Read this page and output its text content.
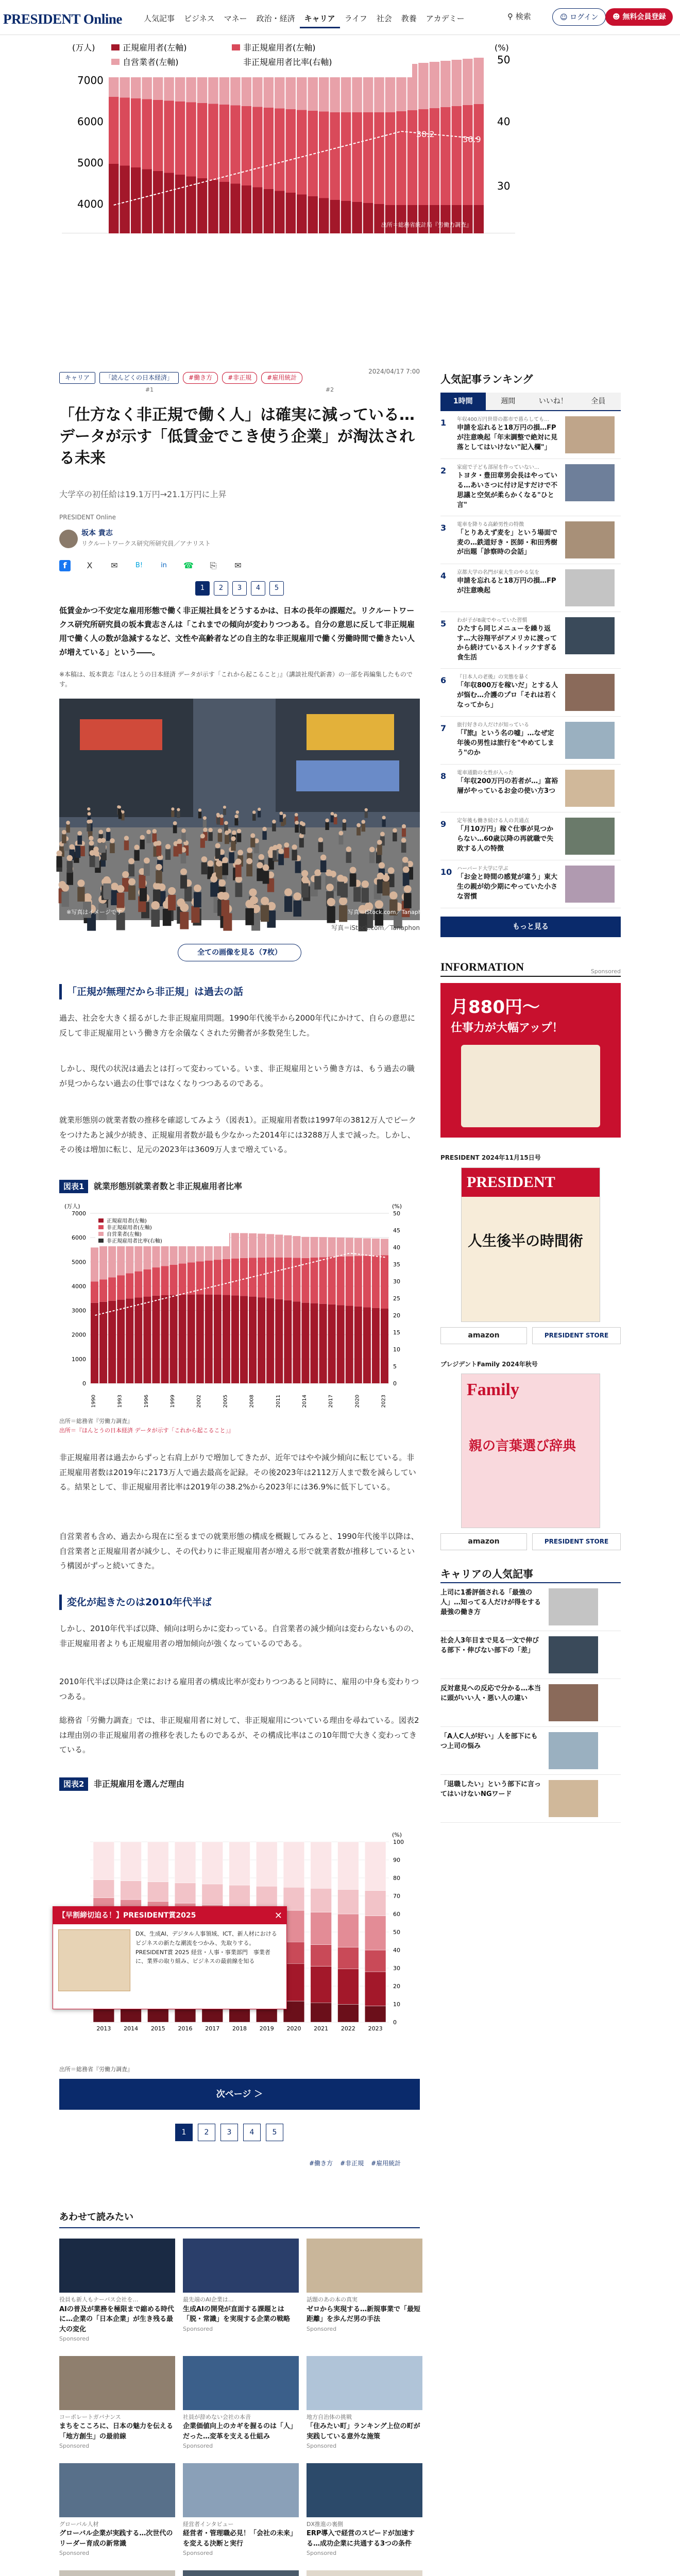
PRESIDENT Online	人気記事	ビジネス	マネー	政治・経済	キャリア	ライフ	社会	教養	アカデミー	⚲ 検索	☺ ログイン	☻ 無料会員登録
正規雇用者(左軸)
自営業者(左軸)
非正規雇用者(左軸)
非正規雇用者比率(右軸)
(万人)
7000
6000
5000
4000
(%)
50
40
30
38.2
36.9
出所＝総務省統計局『労働力調査』
キャリア	「読んどくの日本経済」	#働き方	#非正規	#雇用統計
2024/04/17 7:00
#1	#2
「仕方なく非正規で働く人」は確実に減っている…データが示す「低賃金でこき使う企業」が淘汰される未来
大学卒の初任給は19.1万円→21.1万円に上昇
PRESIDENT Online
坂本 貴志
リクルートワークス研究所研究員／アナリスト
f	X	✉	B!	in	☎ ⎘ ✉
1	2	3	4	5
低賃金かつ不安定な雇用形態で働く非正規社員をどうするかは、日本の長年の課題だ。リクルートワークス研究所研究員の坂本貴志さんは「これまでの傾向が変わりつつある。自分の意思に反して非正規雇用で働く人の数が急減するなど、文性や高齢者などの自主的な非正規雇用で働く労働時間で働きたい人が増えている」という――。
※本稿は、坂本貴志『ほんとうの日本経済 データが示す「これから起こること」』（講談社現代新書）の一部を再編集したものです。
※写真はイメージです	写真＝iStock.com／Tanaphon
写真＝iStock.com／Tanaphon
全ての画像を見る（7枚）
「正規が無理だから非正規」は過去の話
過去、社会を大きく揺るがした非正規雇用問題。1990年代後半から2000年代にかけて、自らの意思に反して非正規雇用という働き方を余儀なくされた労働者が多数発生した。
しかし、現代の状況は過去とは打って変わっている。いま、非正規雇用という働き方は、もう過去の職が見つからない過去の仕事ではなくなりつつあるのである。
就業形態別の就業者数の推移を確認してみよう（図表1）。正規雇用者数は1997年の3812万人でピークをつけたあと減少が続き、正規雇用者数が最も少なかった2014年には3288万人まで減った。しかし、その後は増加に転じ、足元の2023年は3609万人まで増えている。
図表1 就業形態別就業者数と非正規雇用者比率
7000
6000
5000
4000
3000
2000
1000
0
50
45
40
35
30
25
20
15
10
5
0
1990	1993	1996	1999	2002	2005	2008	2011	2014	2017	2020	2023
正規雇用者(左軸)
非正規雇用者(左軸)
自営業者(左軸)
非正規雇用者比率(右軸)
(万人)	(%)
出所＝総務省『労働力調査』
出所＝『ほんとうの日本経済 データが示す「これから起こること」』
非正規雇用者は過去からずっと右肩上がりで増加してきたが、近年ではやや減少傾向に転じている。非正規雇用者数は2019年に2173万人で過去最高を記録。その後2023年は2112万人まで数を減らしている。結果として、非正規雇用者比率は2019年の38.2%から2023年には36.9%に低下している。
自営業者も含め、過去から現在に至るまでの就業形態の構成を概観してみると、1990年代後半以降は、自営業者と正規雇用者が減少し、その代わりに非正規雇用者が増える形で就業者数が推移しているという構図がずっと続いてきた。
変化が起きたのは2010年代半ば
しかし、2010年代半ば以降、傾向は明らかに変わっている。自営業者の減少傾向は変わらないものの、非正規雇用者よりも正規雇用者の増加傾向が強くなっているのである。
2010年代半ば以降は企業における雇用者の構成比率が変わりつつあると同時に、雇用の中身も変わりつつある。
総務省「労働力調査」では、非正規雇用者に対して、非正規雇用についている理由を尋ねている。図表2は理由別の非正規雇用者の推移を表したものであるが、その構成比率はこの10年間で大きく変わってきている。
図表2 非正規雇用を選んだ理由
100
90
80
70
60
50
40
30
20
10
0
2013 2014 2015 2016 2017 2018 2019 2020 2021 2022 2023
(%)
出所＝総務省『労働力調査』
【早割締切迫る！】PRESIDENT賞2025	✕
DX、生成AI、デジタル人事領域、ICT、新人材におけるビジネスの新たな潮流をつかみ、先取りする。PRESIDENT賞 2025 経営・人事・事業部門　事業者に、業界の取り組み、ビジネスの最前線を知る
次ページ ＞
1	2	3	4	5
#働き方 #非正規 #雇用統計
あわせて読みたい
役員も新人もナーバス会社を…
AIの普及が業務を極限まで縮める時代に…企業の「日本企業」が生き残る最大の変化
Sponsored
最先端のAI企業は…
生成AIの開発が直面する課題とは「脱・常識」を実現する企業の戦略
Sponsored
話題のあの本の真実
ゼロから実現する…新規事業で「最短距離」を歩んだ男の手法
Sponsored
コーポレートガバナンス
まちをこころに、日本の魅力を伝える「地方創生」の最前線
Sponsored
社員が辞めない会社の本音
企業価値向上のカギを握るのは「人」だった…変革を支える仕組み
Sponsored
地方自治体の挑戦
「住みたい町」ランキング上位の町が実践している意外な施策
Sponsored
グローバル人材
グローバル企業が実践する…次世代のリーダー育成の新常識
Sponsored
経営者インタビュー
経営者・管理職必見！「会社の未来」を変える決断と実行
Sponsored
DX推進の裏側
ERP導入で経営のスピードが加速する…成功企業に共通する3つの条件
Sponsored
人気記事ランキング
1時間	週間	いいね！	全員
1	年収400万円世帯の都市で暮らしても…
申請を忘れると18万円の損…FPが注意喚起「年末調整で絶対に見落としてはいけない"記入欄"」
2	家庭で子ども部屋を作っていない…
トヨタ・豊田章男会長はやっている…あいさつに付け足すだけで不思議と空気が柔らかくなる"ひと言"
3	電車を降りる高齢男性の特徴
「とりあえず麦を」という場面で麦の…鉄道好き・医師・和田秀樹が出題「診察時の会話」
4	京都大学の名門が東大生のやる気を
申請を忘れると18万円の損…FPが注意喚起
5	わが子が8歳でやっていた習慣
ひたすら同じメニューを繰り返す…大谷翔平がアメリカに渡ってから続けているストイックすぎる食生活
6	『日本人の老後』の実態を暴く
「年収800万を稼いだ」とする人が悩む…介護のプロ「それは若くなってから」
7	旅行好きの人だけが知っている
「『旅』という名の嘘」…なぜ定年後の男性は旅行を"やめてしまう"のか
8	電車通勤の女性が入った
「年収200万円の若者が…」富裕層がやっているお金の使い方3つ
9	定年後も働き続ける人の共通点
「月10万円」稼ぐ仕事が見つからない…60歳以降の再就職で失敗する人の特徴
10 ハーバード大学に学ぶ
「お金と時間の感覚が違う」東大生の親が幼少期にやっていた小さな習慣
もっと見る
INFORMATION	Sponsored
月880円～
仕事力が大幅アップ！
PRESIDENT 2024年11月15日号
PRESIDENT
人生後半の時間術
amazon	PRESIDENT STORE
プレジデントFamily 2024年秋号
Family
親の言葉選び辞典
amazon	PRESIDENT STORE
キャリアの人気記事
上司に1番評価される「最強の人」…知ってる人だけが得をする最強の働き方
社会人3年目まで見る一文で伸びる部下・伸びない部下の「差」
反対意見への反応で分かる…本当に頭がいい人・悪い人の違い
「A人C人が好い」人を部下にもつ上司の悩み
「退職したい」という部下に言ってはいけないNGワード
